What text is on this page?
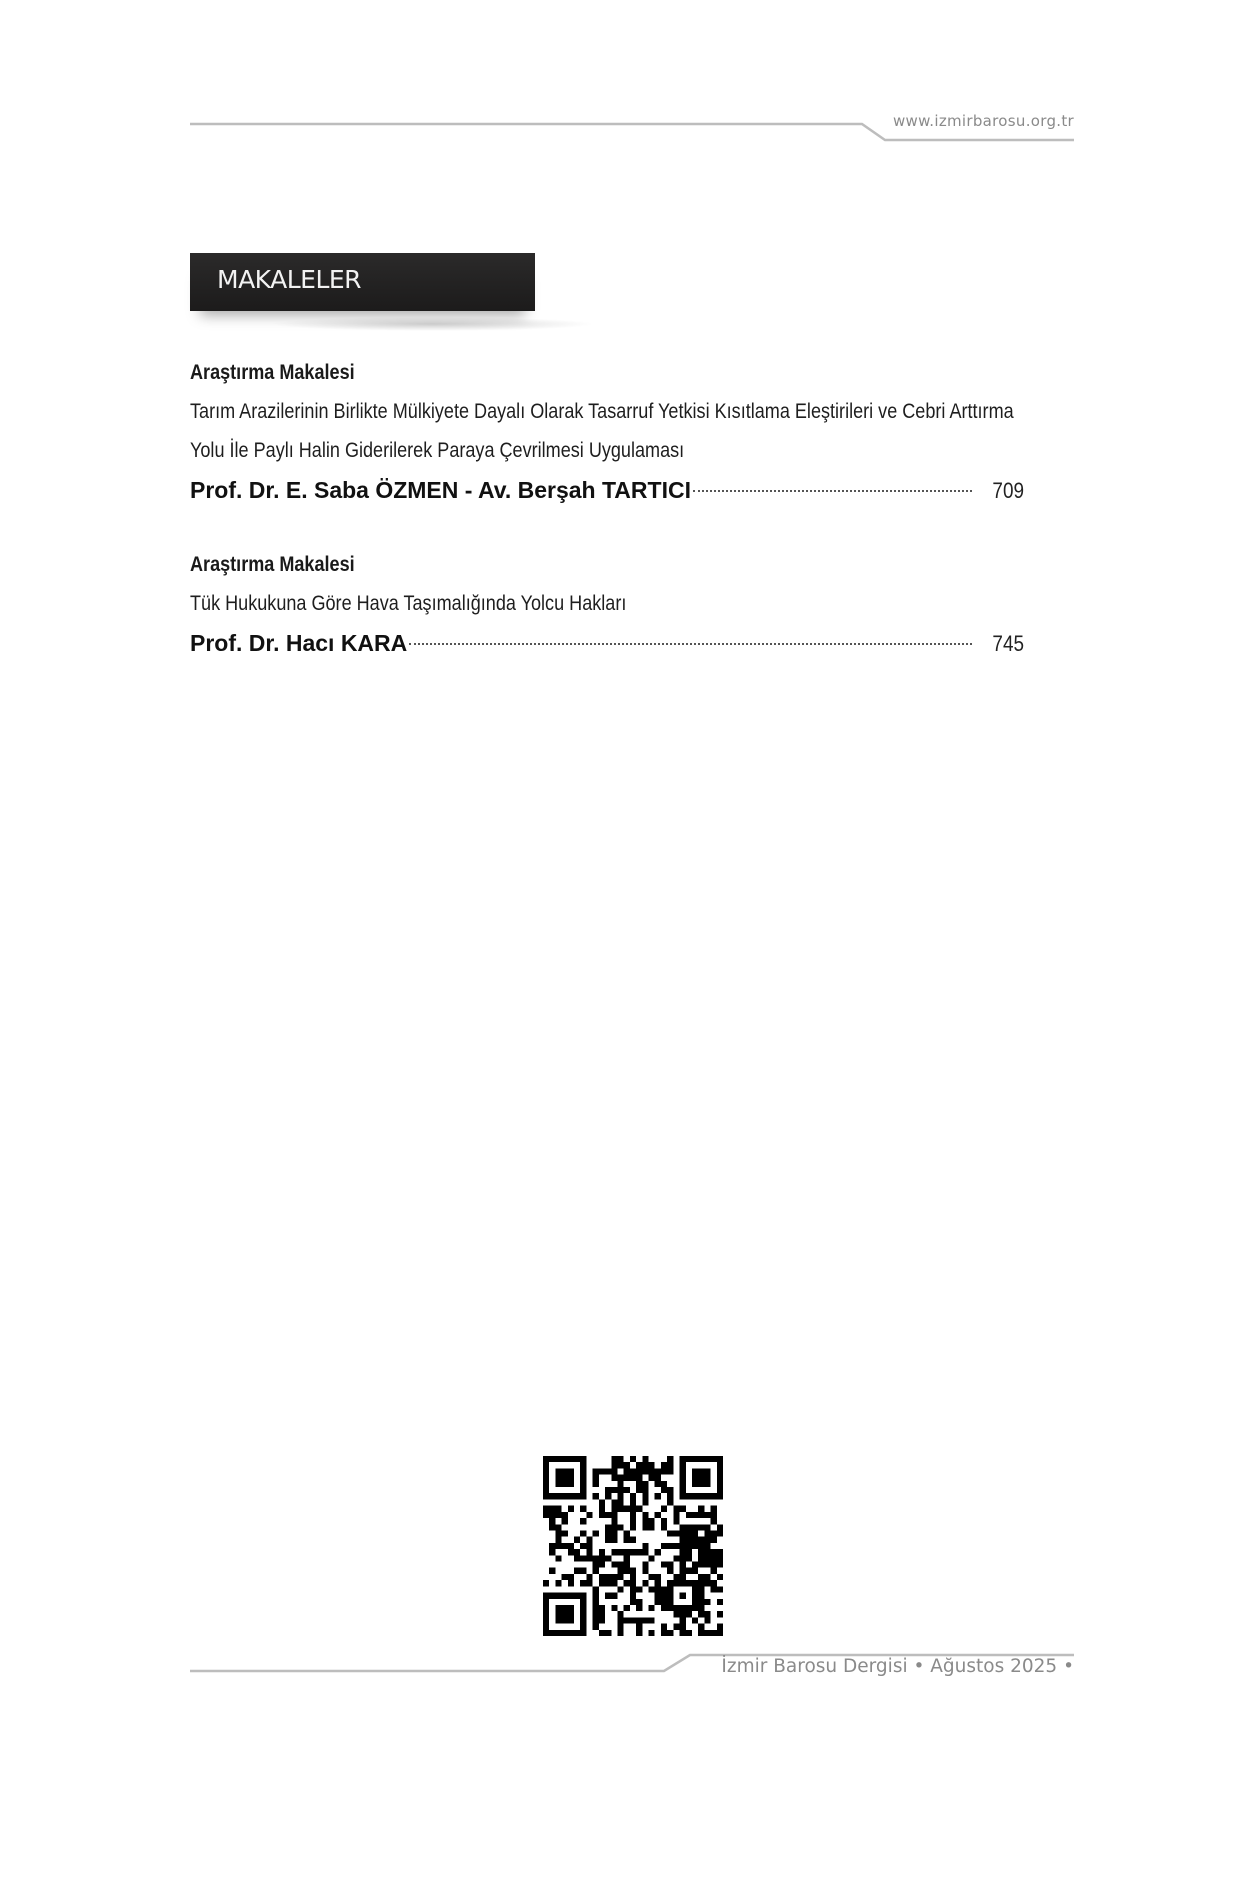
www.izmirbarosu.org.tr
MAKALELER
Araştırma Makalesi
Tarım Arazilerinin Birlikte Mülkiyete Dayalı Olarak Tasarruf Yetkisi Kısıtlama Eleştirileri ve Cebri Arttırma Yolu İle Paylı Halin Giderilerek Paraya Çevrilmesi Uygulaması
Prof. Dr. E. Saba ÖZMEN - Av. Berşah TARTICI	709
Araştırma Makalesi
Tük Hukukuna Göre Hava Taşımalığında Yolcu Hakları
Prof. Dr. Hacı KARA	745
İzmir Barosu Dergisi • Ağustos 2025 •
